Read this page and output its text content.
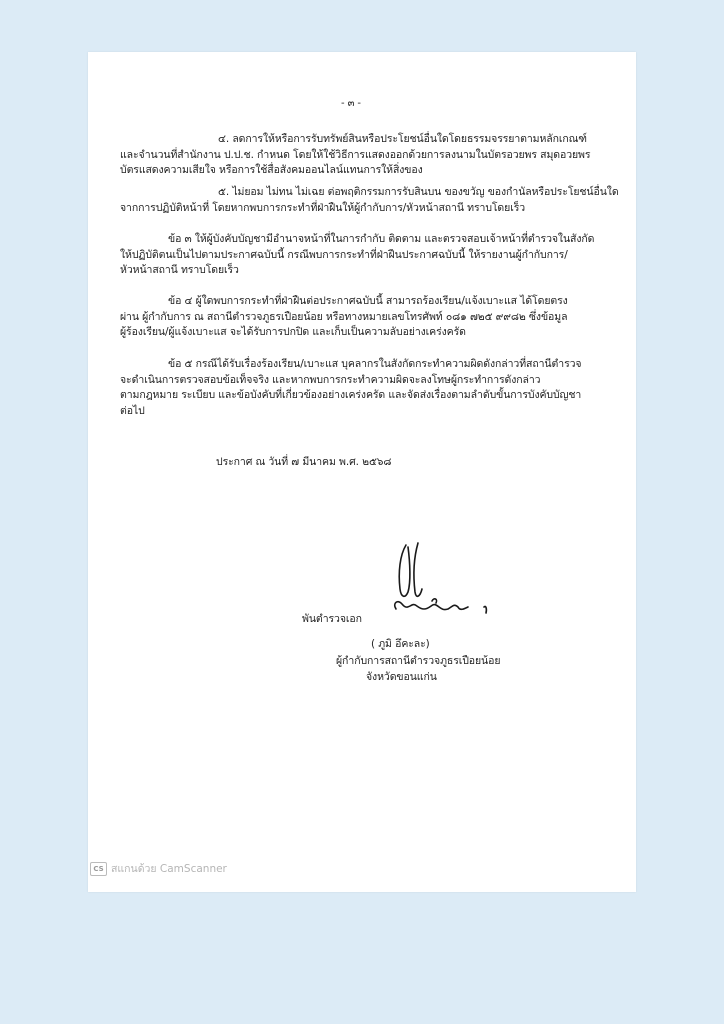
- ๓ -
๔. ลดการให้หรือการรับทรัพย์สินหรือประโยชน์อื่นใดโดยธรรมจรรยาตามหลักเกณฑ์
และจำนวนที่สำนักงาน ป.ป.ช. กำหนด โดยให้ใช้วิธีการแสดงออกด้วยการลงนามในบัตรอวยพร สมุดอวยพร
บัตรแสดงความเสียใจ หรือการใช้สื่อสังคมออนไลน์แทนการให้สิ่งของ
๕. ไม่ยอม ไม่ทน ไม่เฉย ต่อพฤติกรรมการรับสินบน ของขวัญ ของกำนัลหรือประโยชน์อื่นใด
จากการปฏิบัติหน้าที่ โดยหากพบการกระทำที่ฝ่าฝืนให้ผู้กำกับการ/หัวหน้าสถานี ทราบโดยเร็ว
ข้อ ๓ ให้ผู้บังคับบัญชามีอำนาจหน้าที่ในการกำกับ ติดตาม และตรวจสอบเจ้าหน้าที่ตำรวจในสังกัด
ให้ปฏิบัติตนเป็นไปตามประกาศฉบับนี้ กรณีพบการกระทำที่ฝ่าฝืนประกาศฉบับนี้ ให้รายงานผู้กำกับการ/
หัวหน้าสถานี ทราบโดยเร็ว
ข้อ ๔ ผู้ใดพบการกระทำที่ฝ่าฝืนต่อประกาศฉบับนี้ สามารถร้องเรียน/แจ้งเบาะแส ได้โดยตรง
ผ่าน ผู้กำกับการ ณ สถานีตำรวจภูธรเปือยน้อย หรือทางหมายเลขโทรศัพท์ ๐๘๑ ๗๒๕ ๙๙๘๒ ซึ่งข้อมูล
ผู้ร้องเรียน/ผู้แจ้งเบาะแส จะได้รับการปกปิด และเก็บเป็นความลับอย่างเคร่งครัด
ข้อ ๕ กรณีได้รับเรื่องร้องเรียน/เบาะแส บุคลากรในสังกัดกระทำความผิดดังกล่าวที่สถานีตำรวจ
จะดำเนินการตรวจสอบข้อเท็จจริง และหากพบการกระทำความผิดจะลงโทษผู้กระทำการดังกล่าว
ตามกฎหมาย ระเบียบ และข้อบังคับที่เกี่ยวข้องอย่างเคร่งครัด และจัดส่งเรื่องตามลำดับขั้นการบังคับบัญชา
ต่อไป
ประกาศ ณ วันที่ ๗ มีนาคม พ.ศ. ๒๕๖๘
พันตำรวจเอก
( ภูมิ อึคะละ)
ผู้กำกับการสถานีตำรวจภูธรเปือยน้อย
จังหวัดขอนแก่น
CS สแกนด้วย CamScanner
